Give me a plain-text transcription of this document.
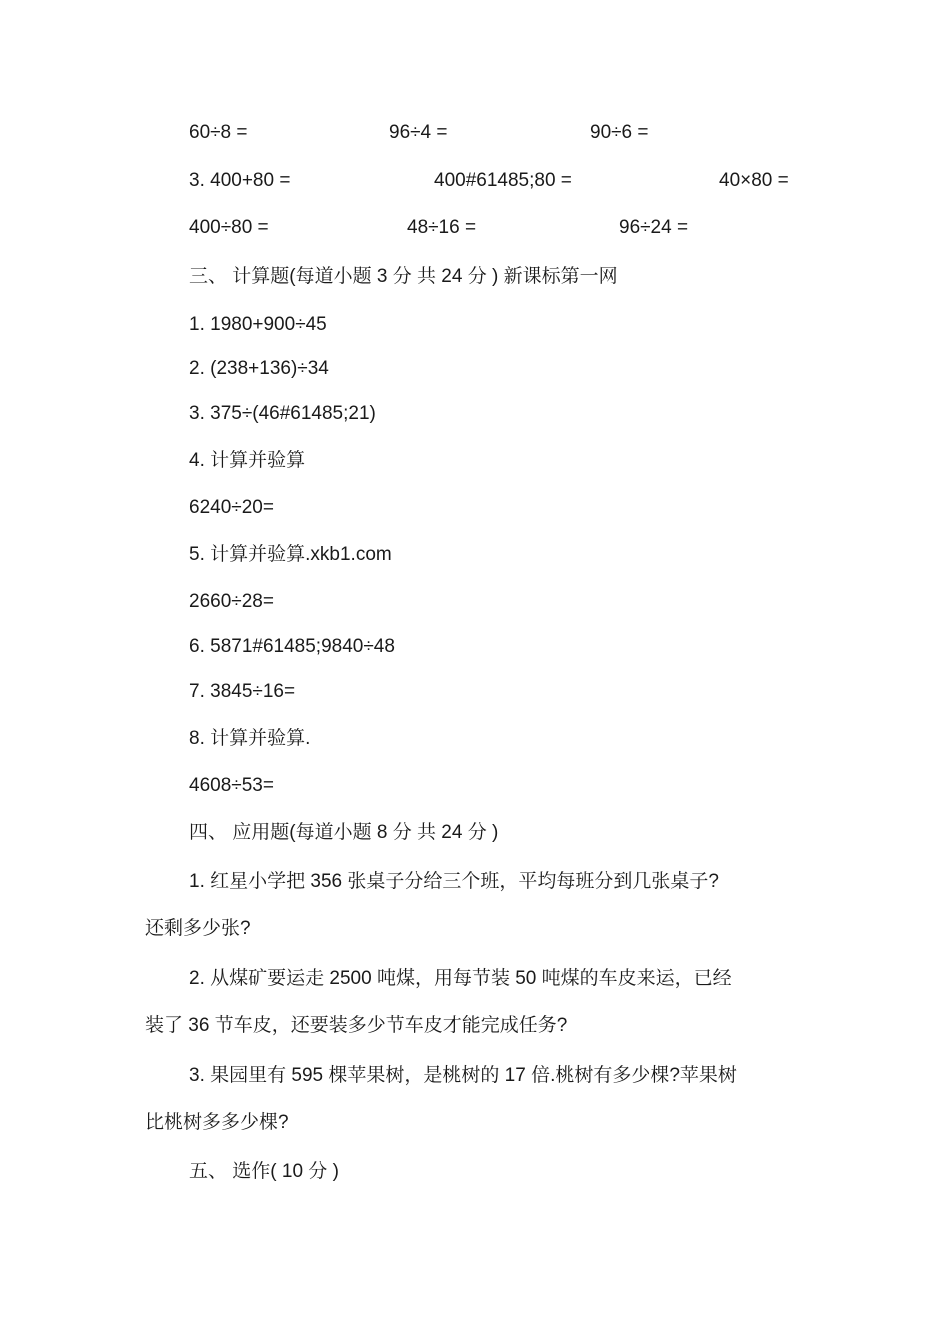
60÷8 =	96÷4 =	90÷6 =
3. 400+80 =	400#61485;80 =	40×80 =
400÷80 =	48÷16 =	96÷24 =
三、 计算题(每道小题 3 分 共 24 分 ) 新课标第一网
1. 1980+900÷45
2. (238+136)÷34
3. 375÷(46#61485;21)
4. 计算并验算
6240÷20=
5. 计算并验算.xkb1.com
2660÷28=
6. 5871#61485;9840÷48
7. 3845÷16=
8. 计算并验算.
4608÷53=
四、 应用题(每道小题 8 分 共 24 分 )
1. 红星小学把 356 张桌子分给三个班，平均每班分到几张桌子?
还剩多少张?
2. 从煤矿要运走 2500 吨煤，用每节装 50 吨煤的车皮来运，已经
装了 36 节车皮，还要装多少节车皮才能完成任务?
3. 果园里有 595 棵苹果树，是桃树的 17 倍.桃树有多少棵?苹果树
比桃树多多少棵?
五、 选作( 10 分 )
